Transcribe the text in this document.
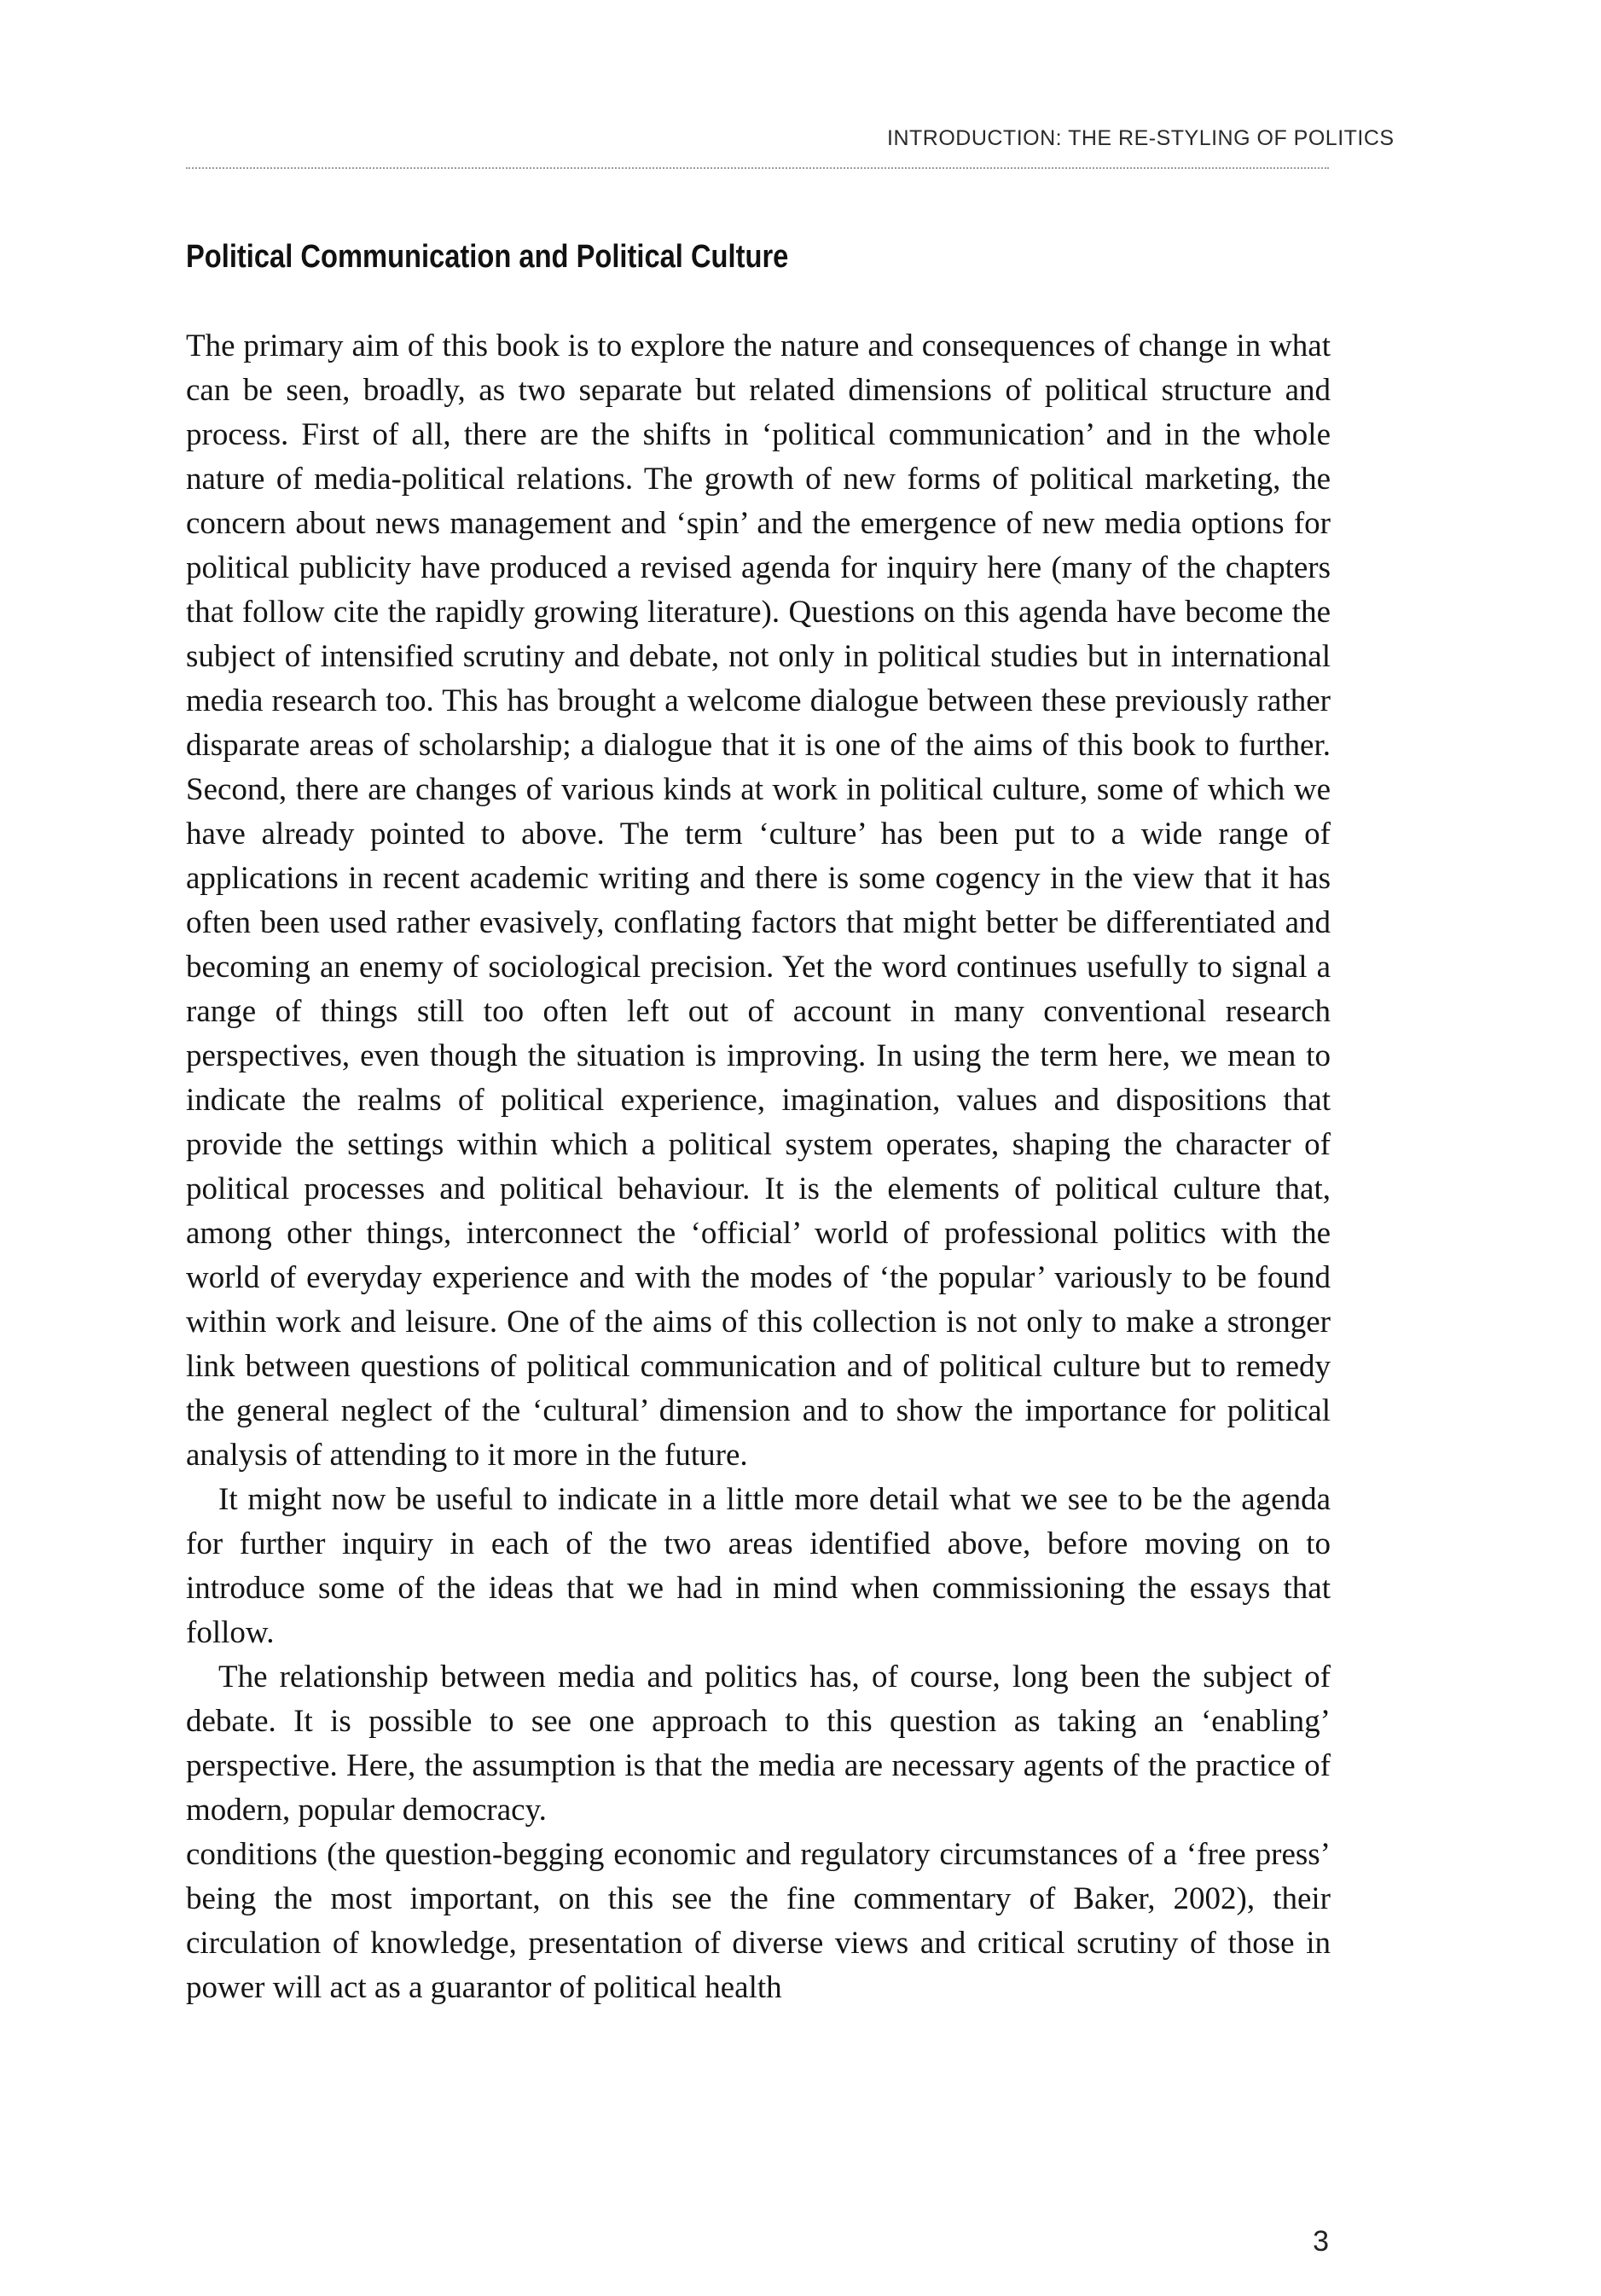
INTRODUCTION: THE RE-STYLING OF POLITICS
Political Communication and Political Culture

The primary aim of this book is to explore the nature and consequences of change in what can be seen, broadly, as two separate but related dimensions of political structure and process. First of all, there are the shifts in ‘political communication’ and in the whole nature of media-political relations. The growth of new forms of political marketing, the concern about news management and ‘spin’ and the emergence of new media options for political publicity have produced a revised agenda for inquiry here (many of the chapters that follow cite the rapidly growing literature). Questions on this agenda have become the subject of intensified scrutiny and debate, not only in political studies but in international media research too. This has brought a welcome dialogue between these previously rather disparate areas of scholarship; a dialogue that it is one of the aims of this book to further. Second, there are changes of various kinds at work in political culture, some of which we have already pointed to above. The term ‘culture’ has been put to a wide range of applications in recent academic writing and there is some cogency in the view that it has often been used rather evasively, conflating factors that might better be differentiated and becoming an enemy of sociological precision. Yet the word continues usefully to signal a range of things still too often left out of account in many conventional research perspectives, even though the situation is improving. In using the term here, we mean to indicate the realms of political experience, imagination, values and dispositions that provide the settings within which a political system operates, shaping the character of political processes and political behaviour. It is the elements of political culture that, among other things, interconnect the ‘official’ world of professional politics with the world of everyday experience and with the modes of ‘the popular’ variously to be found within work and leisure. One of the aims of this collection is not only to make a stronger link between questions of political communication and of political culture but to remedy the general neglect of the ‘cultural’ dimension and to show the importance for political analysis of attending to it more in the future.

It might now be useful to indicate in a little more detail what we see to be the agenda for further inquiry in each of the two areas identified above, before moving on to introduce some of the ideas that we had in mind when commissioning the essays that follow.

The relationship between media and politics has, of course, long been the subject of debate. It is possible to see one approach to this question as taking an ‘enabling’ perspective. Here, the assumption is that the media are necessary agents of the practice of modern, popular democracy.

conditions (the question-begging economic and regulatory circumstances of a ‘free press’ being the most important, on this see the fine commentary of Baker, 2002), their circulation of knowledge, presentation of diverse views and critical scrutiny of those in power will act as a guarantor of political health

3
